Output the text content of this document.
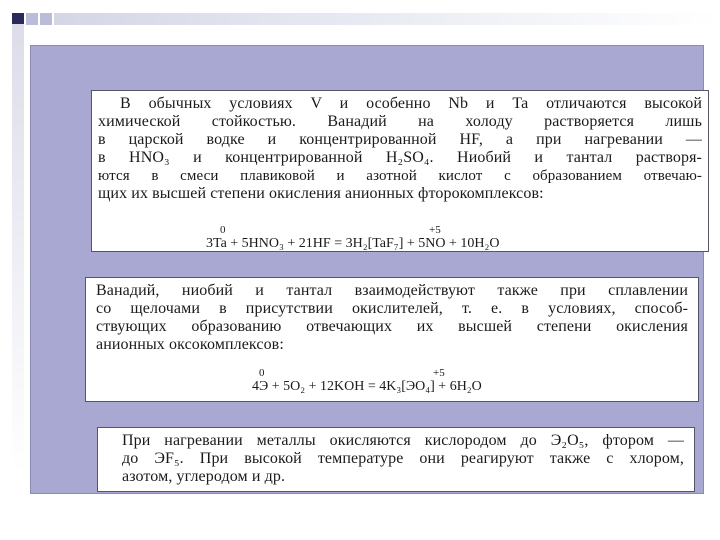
В обычных условиях V и особенно Nb и Ta отличаются высокой
химической стойкостью. Ванадий на холоду растворяется лишь
в царской водке и концентрированной HF, а при нагревании —
в HNO₃ и концентрированной H₂SO₄. Ниобий и тантал растворя-
ются в смеси плавиковой и азотной кислот с образованием отвечаю-
щих их высшей степени окисления анионных фторокомплексов:
0	+5
3Ta + 5HNO₃ + 21HF = 3H₂[TaF₇] + 5NO + 10H₂O
Ванадий, ниобий и тантал взаимодействуют также при сплавлении
со щелочами в присутствии окислителей, т. е. в условиях, способ-
ствующих образованию отвечающих их высшей степени окисления
анионных оксокомплексов:
0	+5
4Э + 5O₂ + 12KOH = 4K₃[ЭO₄] + 6H₂O
При нагревании металлы окисляются кислородом до Э₂O₅, фтором —
до ЭF₅. При высокой температуре они реагируют также с хлором,
азотом, углеродом и др.
